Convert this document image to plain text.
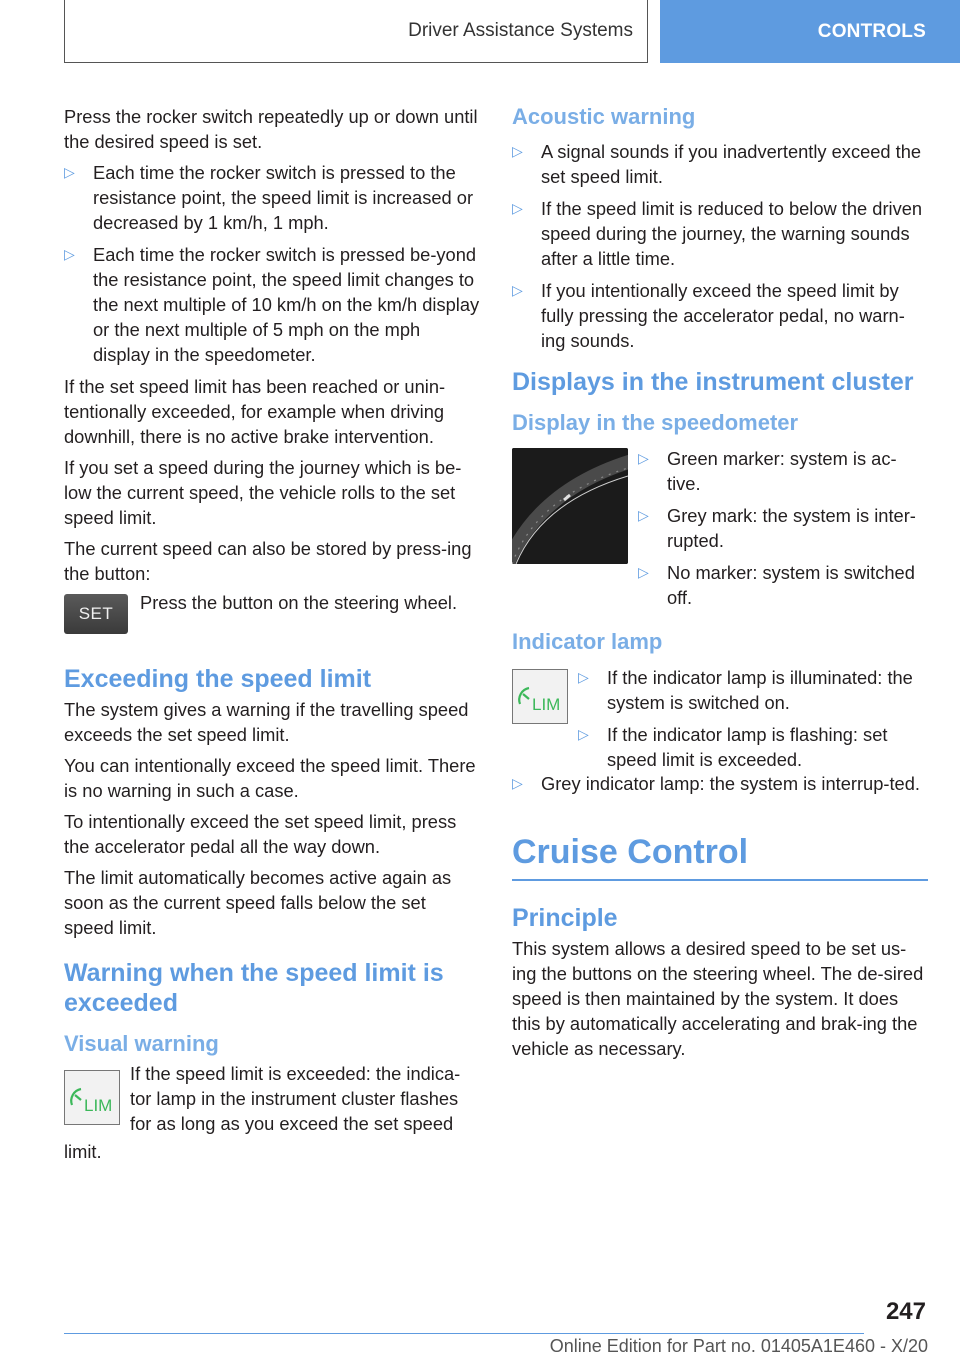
Driver Assistance Systems	CONTROLS

Press the rocker switch repeatedly up or down until the desired speed is set.

▷ Each time the rocker switch is pressed to the resistance point, the speed limit is increased or decreased by 1 km/h, 1 mph.
▷ Each time the rocker switch is pressed be‐yond the resistance point, the speed limit changes to the next multiple of 10 km/h on the km/h display or the next multiple of 5 mph on the mph display in the speedometer.

If the set speed limit has been reached or unin‐tentionally exceeded, for example when driving downhill, there is no active brake intervention.

If you set a speed during the journey which is be‐low the current speed, the vehicle rolls to the set speed limit.

The current speed can also be stored by press‐ing the button:

SET

Press the button on the steering wheel.

Exceeding the speed limit

The system gives a warning if the travelling speed exceeds the set speed limit.

You can intentionally exceed the speed limit. There is no warning in such a case.

To intentionally exceed the set speed limit, press the accelerator pedal all the way down.

The limit automatically becomes active again as soon as the current speed falls below the set speed limit.

Warning when the speed limit is exceeded
Visual warning
LIM

If the speed limit is exceeded: the indica‐tor lamp in the instrument cluster flashes for as long as you exceed the set speed

limit.

Acoustic warning
▷ A signal sounds if you inadvertently exceed the set speed limit.
▷ If the speed limit is reduced to below the driven speed during the journey, the warning sounds after a little time.
▷ If you intentionally exceed the speed limit by fully pressing the accelerator pedal, no warn‐ing sounds.
Displays in the instrument cluster
Display in the speedometer
▷ Green marker: system is ac‐tive.
▷ Grey mark: the system is inter‐rupted.
▷ No marker: system is switched off.
Indicator lamp
LIM
▷ If the indicator lamp is illuminated: the system is switched on.
▷ If the indicator lamp is flashing: set speed limit is exceeded.
▷ Grey indicator lamp: the system is interrup‐ted.
Cruise Control
Principle

This system allows a desired speed to be set us‐ing the buttons on the steering wheel. The de‐sired speed is then maintained by the system. It does this by automatically accelerating and brak‐ing the vehicle as necessary.

247
Online Edition for Part no. 01405A1E460 - X/20
